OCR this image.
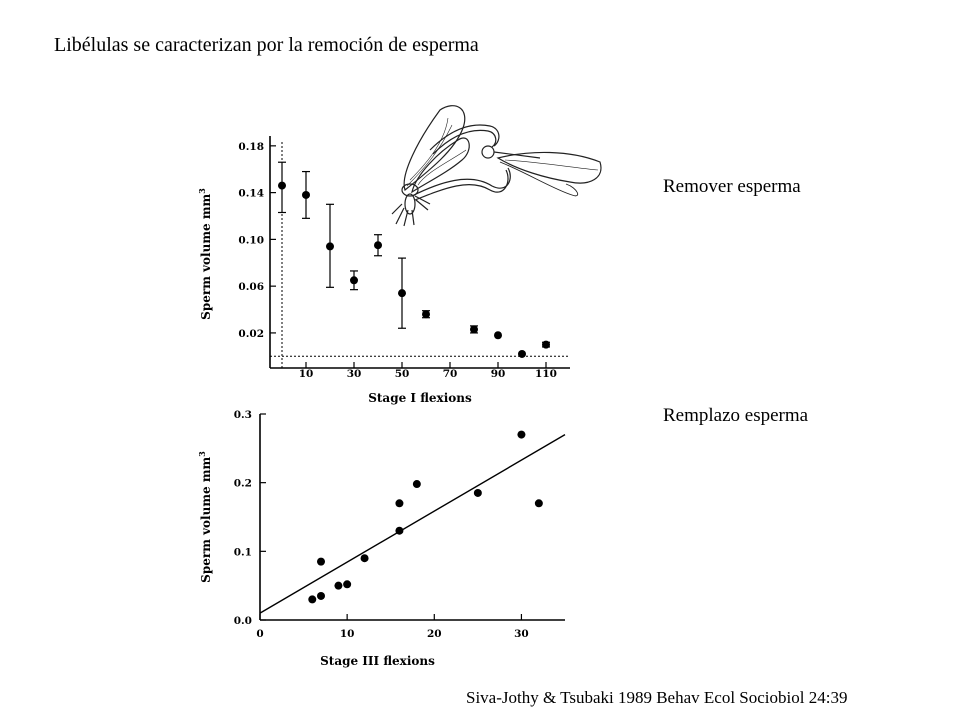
Libélulas se caracterizan por la remoción de esperma
Remover esperma
Remplazo esperma
Siva-Jothy & Tsubaki 1989 Behav Ecol Sociobiol 24:39
0.02
0.06
0.10
0.14
0.18
10	30	50	70	90	110
Stage I flexions
Sperm volume $mm^3$
0.0
0.1
0.2
0.3
0	10	20	30
Stage III flexions
Sperm volume $mm^3$
